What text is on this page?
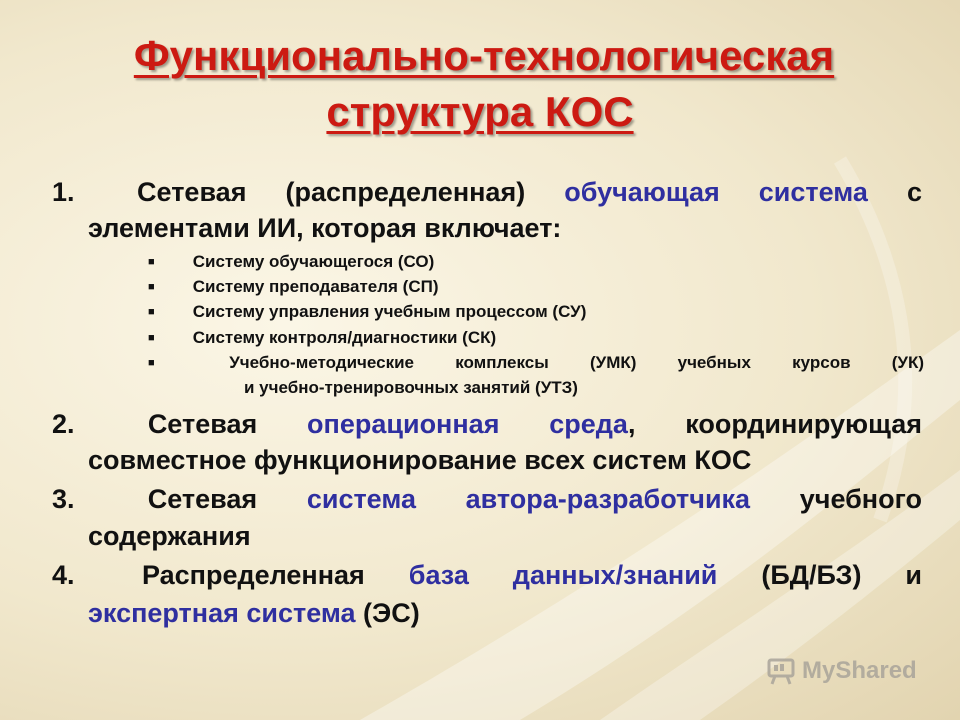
Функционально-технологическая
структура КОС
1. Сетевая (распределенная) обучающая система с
элементами ИИ, которая включает:
■ Систему обучающегося (СО)
■ Систему преподавателя (СП)
■ Систему управления учебным процессом (СУ)
■ Систему контроля/диагностики (СК)
■	Учебно-методические комплексы (УМК) учебных курсов (УК)
и учебно-тренировочных занятий (УТЗ)
2.	Сетевая операционная среда, координирующая
совместное функционирование всех систем КОС
3.	Сетевая система автора-разработчика учебного
содержания
4. Распределенная база данных/знаний (БД/БЗ) и
экспертная система (ЭС)
MyShared
